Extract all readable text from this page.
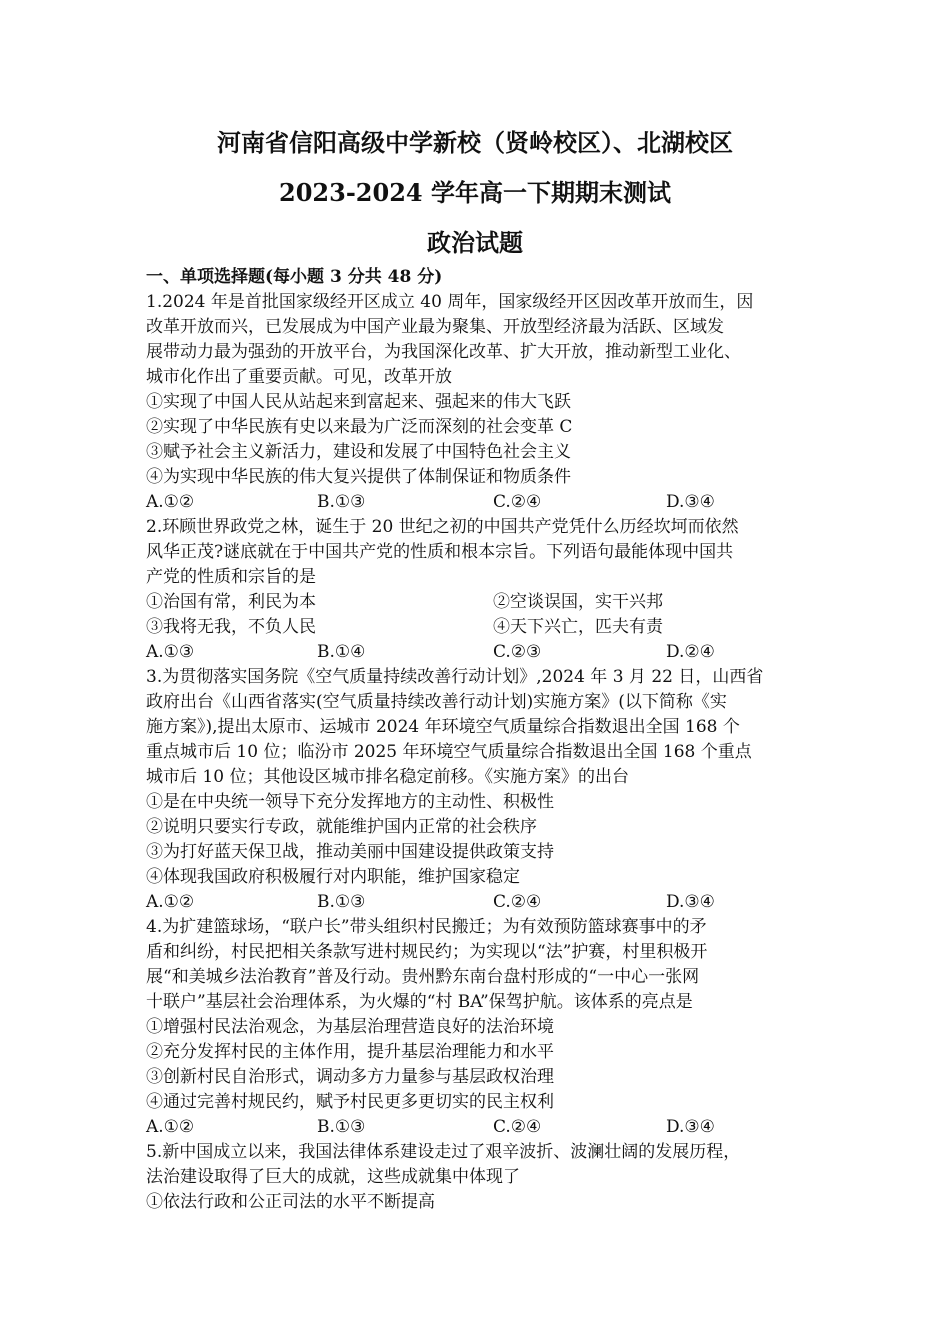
河南省信阳高级中学新校（贤岭校区）、北湖校区
2023-2024 学年高一下期期末测试
政治试题
一、单项选择题(每小题 3 分共 48 分)
1.2024 年是首批国家级经开区成立 40 周年，国家级经开区因改革开放而生，因
改革开放而兴，已发展成为中国产业最为聚集、开放型经济最为活跃、区域发
展带动力最为强劲的开放平台，为我国深化改革、扩大开放，推动新型工业化、
城市化作出了重要贡献。可见，改革开放
①实现了中国人民从站起来到富起来、强起来的伟大飞跃
②实现了中华民族有史以来最为广泛而深刻的社会变革 C
③赋予社会主义新活力，建设和发展了中国特色社会主义
④为实现中华民族的伟大复兴提供了体制保证和物质条件
A.①②	B.①③	C.②④	D.③④
2.环顾世界政党之林，诞生于 20 世纪之初的中国共产党凭什么历经坎坷而依然
风华正茂?谜底就在于中国共产党的性质和根本宗旨。下列语句最能体现中国共
产党的性质和宗旨的是
①治国有常，利民为本	②空谈误国，实干兴邦
③我将无我，不负人民	④天下兴亡，匹夫有责
A.①③	B.①④	C.②③	D.②④
3.为贯彻落实国务院《空气质量持续改善行动计划》,2024 年 3 月 22 日，山西省
政府出台《山西省落实(空气质量持续改善行动计划)实施方案》(以下简称《实
施方案》),提出太原市、运城市 2024 年环境空气质量综合指数退出全国 168 个
重点城市后 10 位；临汾市 2025 年环境空气质量综合指数退出全国 168 个重点
城市后 10 位；其他设区城市排名稳定前移。《实施方案》的出台
①是在中央统一领导下充分发挥地方的主动性、积极性
②说明只要实行专政，就能维护国内正常的社会秩序
③为打好蓝天保卫战，推动美丽中国建设提供政策支持
④体现我国政府积极履行对内职能，维护国家稳定
A.①②	B.①③	C.②④	D.③④
4.为扩建篮球场，“联户长”带头组织村民搬迁；为有效预防篮球赛事中的矛
盾和纠纷，村民把相关条款写进村规民约；为实现以“法”护赛，村里积极开
展“和美城乡法治教育”普及行动。贵州黔东南台盘村形成的“一中心一张网
十联户”基层社会治理体系，为火爆的“村 BA”保驾护航。该体系的亮点是
①增强村民法治观念，为基层治理营造良好的法治环境
②充分发挥村民的主体作用，提升基层治理能力和水平
③创新村民自治形式，调动多方力量参与基层政权治理
④通过完善村规民约，赋予村民更多更切实的民主权利
A.①②	B.①③	C.②④	D.③④
5.新中国成立以来，我国法律体系建设走过了艰辛波折、波澜壮阔的发展历程，
法治建设取得了巨大的成就，这些成就集中体现了
①依法行政和公正司法的水平不断提高
